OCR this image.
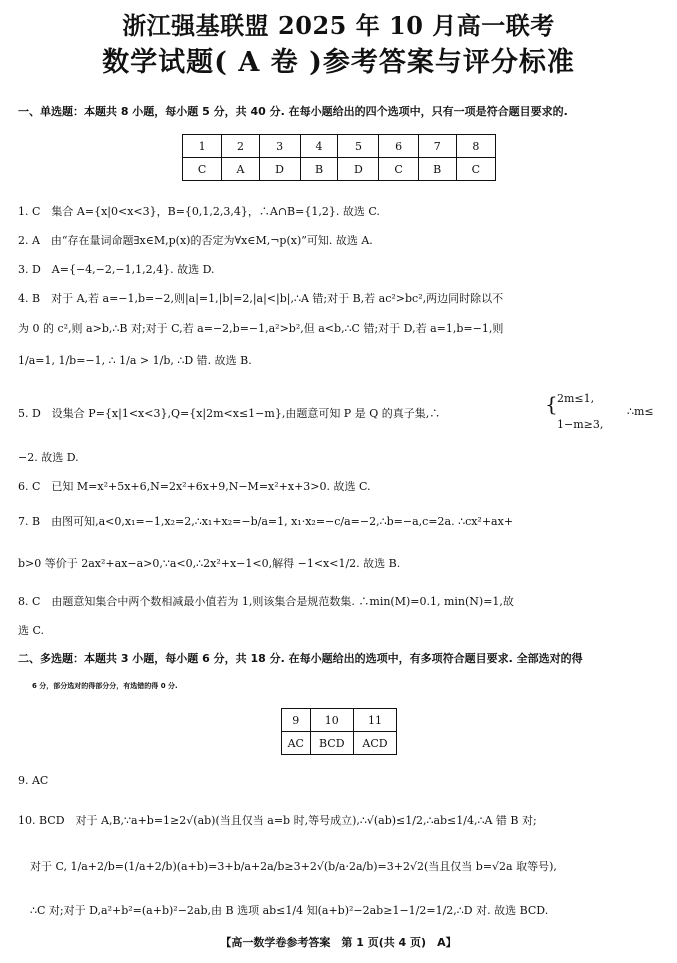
浙江强基联盟 2025 年 10 月高一联考
数学试题( A 卷 )参考答案与评分标准
一、单选题：本题共 8 小题，每小题 5 分，共 40 分. 在每小题给出的四个选项中，只有一项是符合题目要求的.
1	2	3	4	5	6	7	8
C	A	D	B	D	C	B	C
1. C　集合 A={x|0<x<3}，B={0,1,2,3,4}，∴A∩B={1,2}. 故选 C.
2. A　由“存在量词命题∃x∈M,p(x)的否定为∀x∈M,¬p(x)”可知. 故选 A.
3. D　A={−4,−2,−1,1,2,4}. 故选 D.
4. B　对于 A,若 a=−1,b=−2,则|a|=1,|b|=2,|a|<|b|,∴A 错;对于 B,若 ac²>bc²,两边同时除以不
为 0 的 c²,则 a>b,∴B 对;对于 C,若 a=−2,b=−1,a²>b²,但 a<b,∴C 错;对于 D,若 a=1,b=−1,则
1/a=1, 1/b=−1, ∴ 1/a > 1/b, ∴D 错. 故选 B.
5. D　设集合 P={x|1<x<3},Q={x|2m<x≤1−m},由题意可知 P 是 Q 的真子集,∴	{ 2m≤1,
1−m≥3,
∴m≤
−2. 故选 D.
6. C　已知 M=x²+5x+6,N=2x²+6x+9,N−M=x²+x+3>0. 故选 C.
7. B　由图可知,a<0,x₁=−1,x₂=2,∴x₁+x₂=−b/a=1, x₁·x₂=−c/a=−2,∴b=−a,c=2a. ∴cx²+ax+
b>0 等价于 2ax²+ax−a>0,∵a<0,∴2x²+x−1<0,解得 −1<x<1/2. 故选 B.
8. C　由题意知集合中两个数相减最小值若为 1,则该集合是规范数集. ∴min(M)=0.1, min(N)=1,故
选 C.
二、多选题：本题共 3 小题，每小题 6 分，共 18 分. 在每小题给出的选项中，有多项符合题目要求. 全部选对的得
6 分，部分选对的得部分分，有选错的得 0 分.
9	10	11
AC	BCD	ACD
9. AC
10. BCD　对于 A,B,∵a+b=1≥2√(ab)(当且仅当 a=b 时,等号成立),∴√(ab)≤1/2,∴ab≤1/4,∴A 错 B 对;
对于 C, 1/a+2/b=(1/a+2/b)(a+b)=3+b/a+2a/b≥3+2√(b/a·2a/b)=3+2√2(当且仅当 b=√2a 取等号),
∴C 对;对于 D,a²+b²=(a+b)²−2ab,由 B 选项 ab≤1/4 知(a+b)²−2ab≥1−1/2=1/2,∴D 对. 故选 BCD.
【高一数学卷参考答案　第 1 页(共 4 页)　A】
